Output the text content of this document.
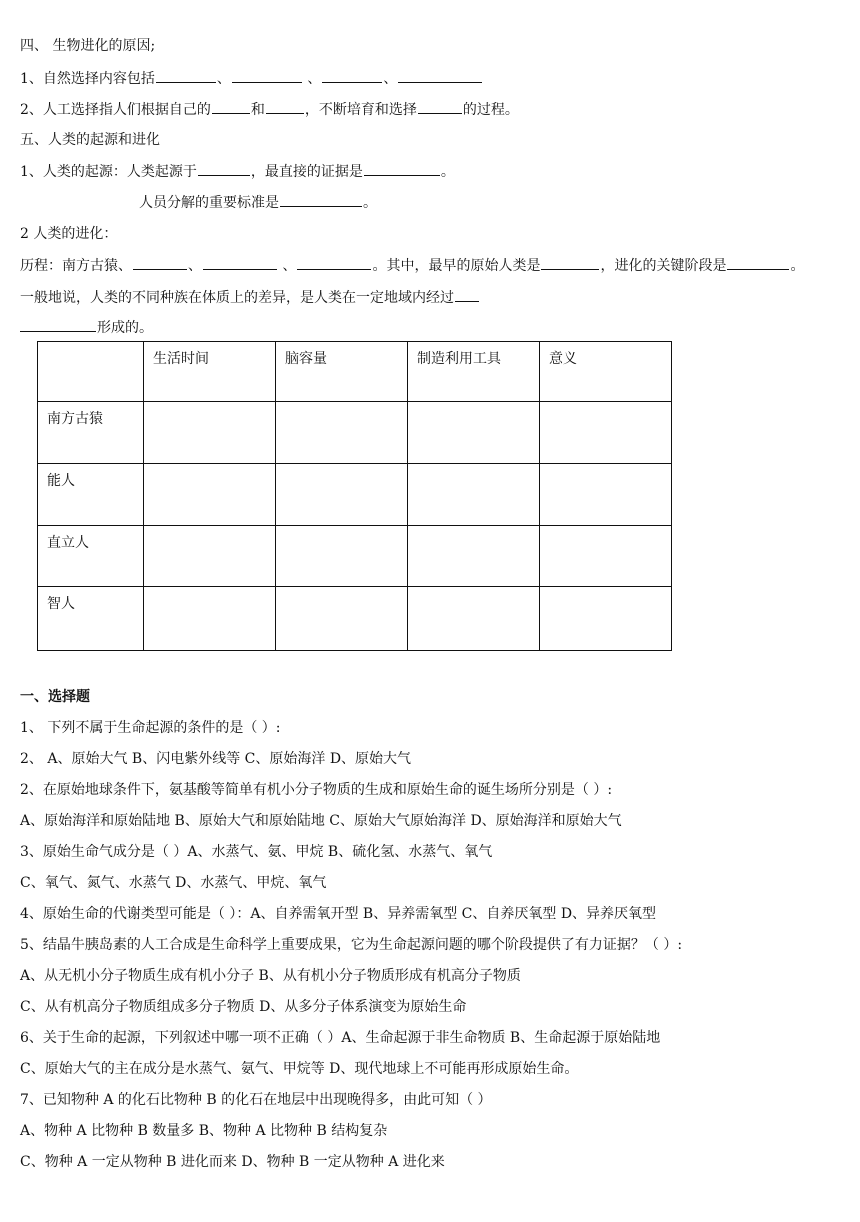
四、 生物进化的原因;
1、自然选择内容包括	、	、	、
2、人工选择指人们根据自己的	和	，不断培育和选择	的过程。
五、人类的起源和进化
1、人类的起源：人类起源于	，最直接的证据是	。
人员分解的重要标准是	。
2 人类的进化：
历程：南方古猿、	、	、	。其中，最早的原始人类是	，进化的关键阶段是	。
一般地说，人类的不同种族在体质上的差异，是人类在一定地域内经过
形成的。
	生活时间	脑容量	制造利用工具	意义
南方古猿				
能人				
直立人				
智人				
一、选择题
1、 下列不属于生命起源的条件的是（ ）:
2、 A、原始大气 B、闪电紫外线等 C、原始海洋 D、原始大气
2、在原始地球条件下，氨基酸等简单有机小分子物质的生成和原始生命的诞生场所分别是（ ）:
A、原始海洋和原始陆地 B、原始大气和原始陆地 C、原始大气原始海洋 D、原始海洋和原始大气
3、原始生命气成分是（ ）A、水蒸气、氨、甲烷 B、硫化氢、水蒸气、氧气
C、氧气、氮气、水蒸气 D、水蒸气、甲烷、氧气
4、原始生命的代谢类型可能是（ ）：A、自养需氧开型 B、异养需氧型 C、自养厌氧型 D、异养厌氧型
5、结晶牛胰岛素的人工合成是生命科学上重要成果，它为生命起源问题的哪个阶段提供了有力证据？（ ）:
A、从无机小分子物质生成有机小分子 B、从有机小分子物质形成有机高分子物质
C、从有机高分子物质组成多分子物质 D、从多分子体系演变为原始生命
6、关于生命的起源，下列叙述中哪一项不正确（ ）A、生命起源于非生命物质 B、生命起源于原始陆地
C、原始大气的主在成分是水蒸气、氨气、甲烷等 D、现代地球上不可能再形成原始生命。
7、已知物种 A 的化石比物种 B 的化石在地层中出现晚得多，由此可知（ ）
A、物种 A 比物种 B 数量多 B、物种 A 比物种 B 结构复杂
C、物种 A 一定从物种 B 进化而来 D、物种 B 一定从物种 A 进化来
